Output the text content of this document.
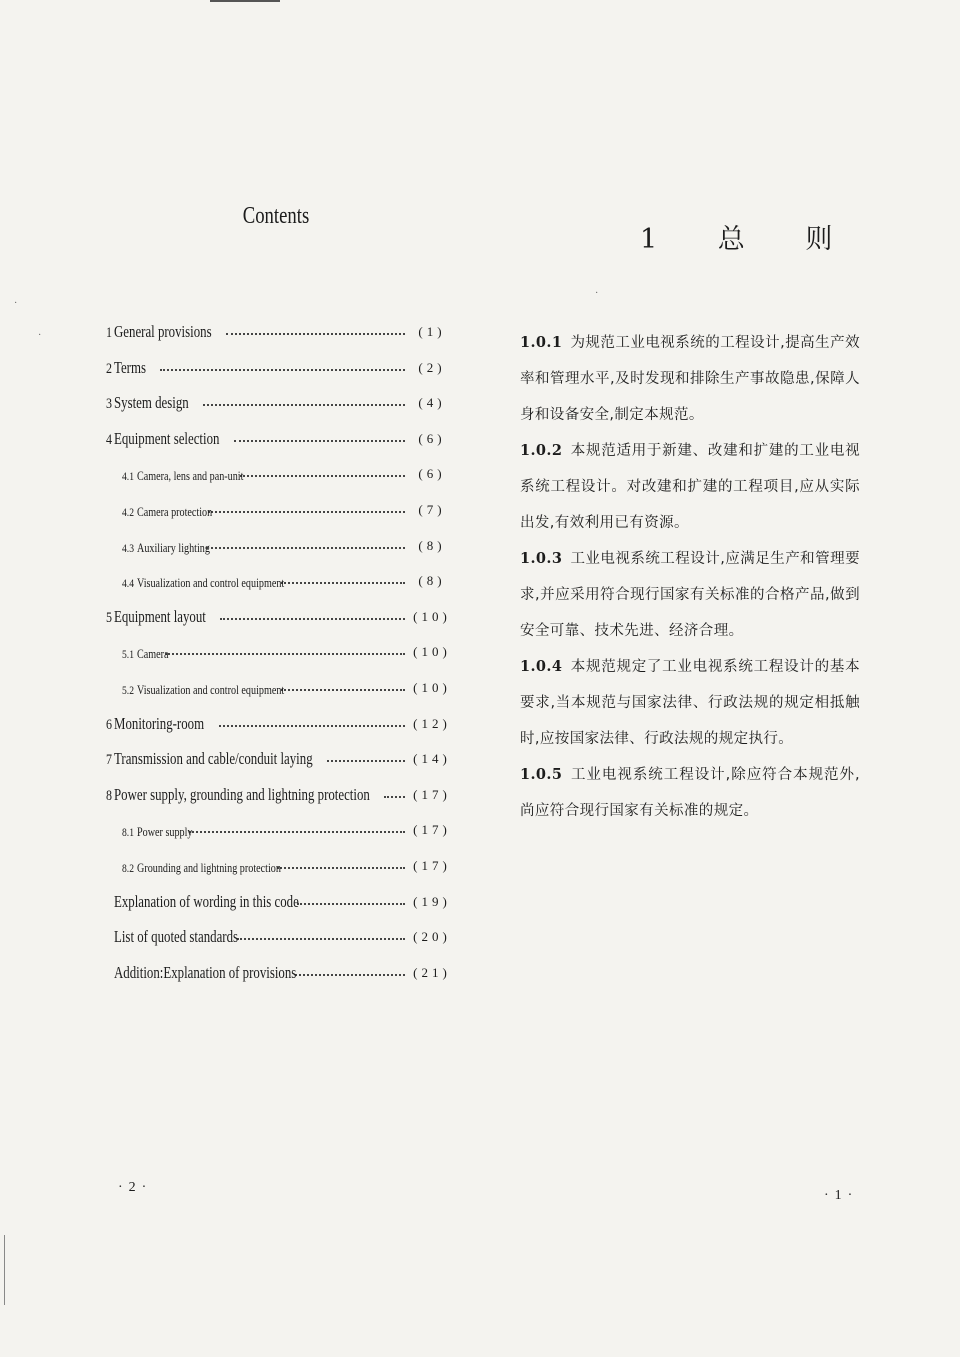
Contents
1 General provisions	(1)
2 Terms	(2)
3 System design	(4)
4 Equipment selection	(6)
4.1 Camera, lens and pan-unit	(6)
4.2 Camera protection	(7)
4.3 Auxiliary lighting	(8)
4.4 Visualization and control equipment	(8)
5 Equipment layout	(10)
5.1 Camera	(10)
5.2 Visualization and control equipment	(10)
6 Monitoring-room	(12)
7 Transmission and cable/conduit laying	(14)
8 Power supply, grounding and lightning protection	(17)
8.1 Power supply	(17)
8.2 Grounding and lightning protection	(17)
Explanation of wording in this code	(19)
List of quoted standards	(20)
Addition:Explanation of provisions	(21)
·2·
1 总 则

1.0.1 为规范工业电视系统的工程设计,提高生产效率和管理水平,及时发现和排除生产事故隐患,保障人身和设备安全,制定本规范。

1.0.2 本规范适用于新建、改建和扩建的工业电视系统工程设计。对改建和扩建的工程项目,应从实际出发,有效利用已有资源。

1.0.3 工业电视系统工程设计,应满足生产和管理要求,并应采用符合现行国家有关标准的合格产品,做到安全可靠、技术先进、经济合理。

1.0.4 本规范规定了工业电视系统工程设计的基本要求,当本规范与国家法律、行政法规的规定相抵触时,应按国家法律、行政法规的规定执行。

1.0.5 工业电视系统工程设计,除应符合本规范外,尚应符合现行国家有关标准的规定。

·1·
·
·
·
